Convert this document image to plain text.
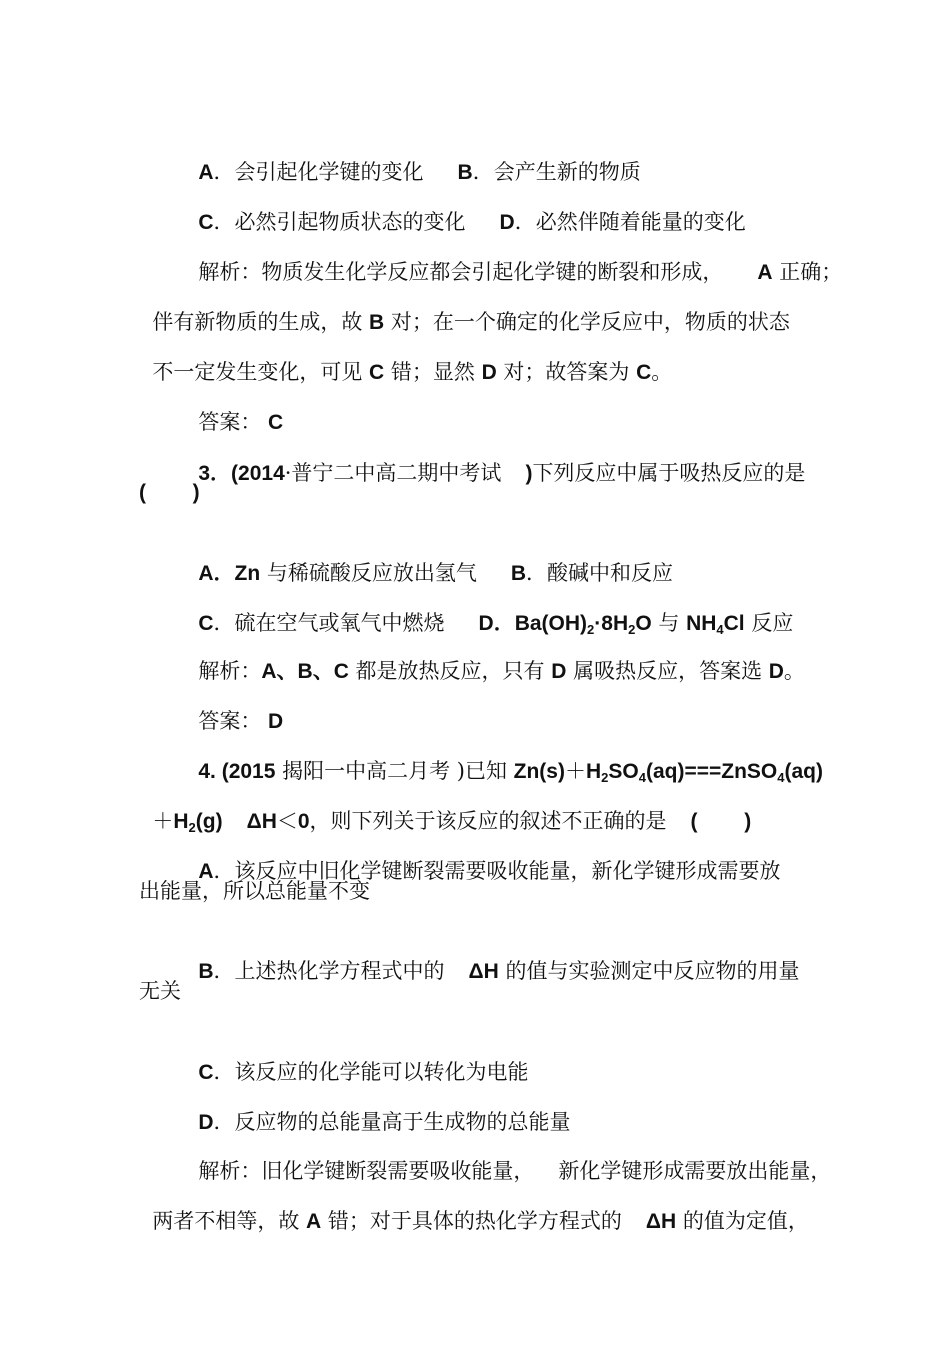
A．会引起化学键的变化 B．会产生新的物质

C．必然引起物质状态的变化 D．必然伴随着能量的变化

解析：物质发生化学反应都会引起化学键的断裂和形成， A 正确；

伴有新物质的生成，故 B 对；在一个确定的化学反应中，物质的状态

不一定发生变化，可见 C 错；显然 D 对；故答案为 C。

答案： C

3．(2014·普宁二中高二期中考试 )下列反应中属于吸热反应的是

(        )

A．Zn 与稀硫酸反应放出氢气 B．酸碱中和反应

C．硫在空气或氧气中燃烧 D．$Ba(OH)_2\cdot 8H_2O$ 与 $NH_4Cl$ 反应

解析：A、B、C 都是放热反应，只有 D 属吸热反应，答案选 D。

答案： D

4. (2015 揭阳一中高二月考 )已知 $Zn(s)+H_2SO_4(aq)===ZnSO_4(aq)$

$+H_2(g)$ ΔH＜0，则下列关于该反应的叙述不正确的是 (        )

A．该反应中旧化学键断裂需要吸收能量，新化学键形成需要放

出能量，所以总能量不变

B．上述热化学方程式中的 ΔH 的值与实验测定中反应物的用量

无关

C．该反应的化学能可以转化为电能

D．反应物的总能量高于生成物的总能量

解析：旧化学键断裂需要吸收能量， 新化学键形成需要放出能量，

两者不相等，故 A 错；对于具体的热化学方程式的 ΔH 的值为定值，
